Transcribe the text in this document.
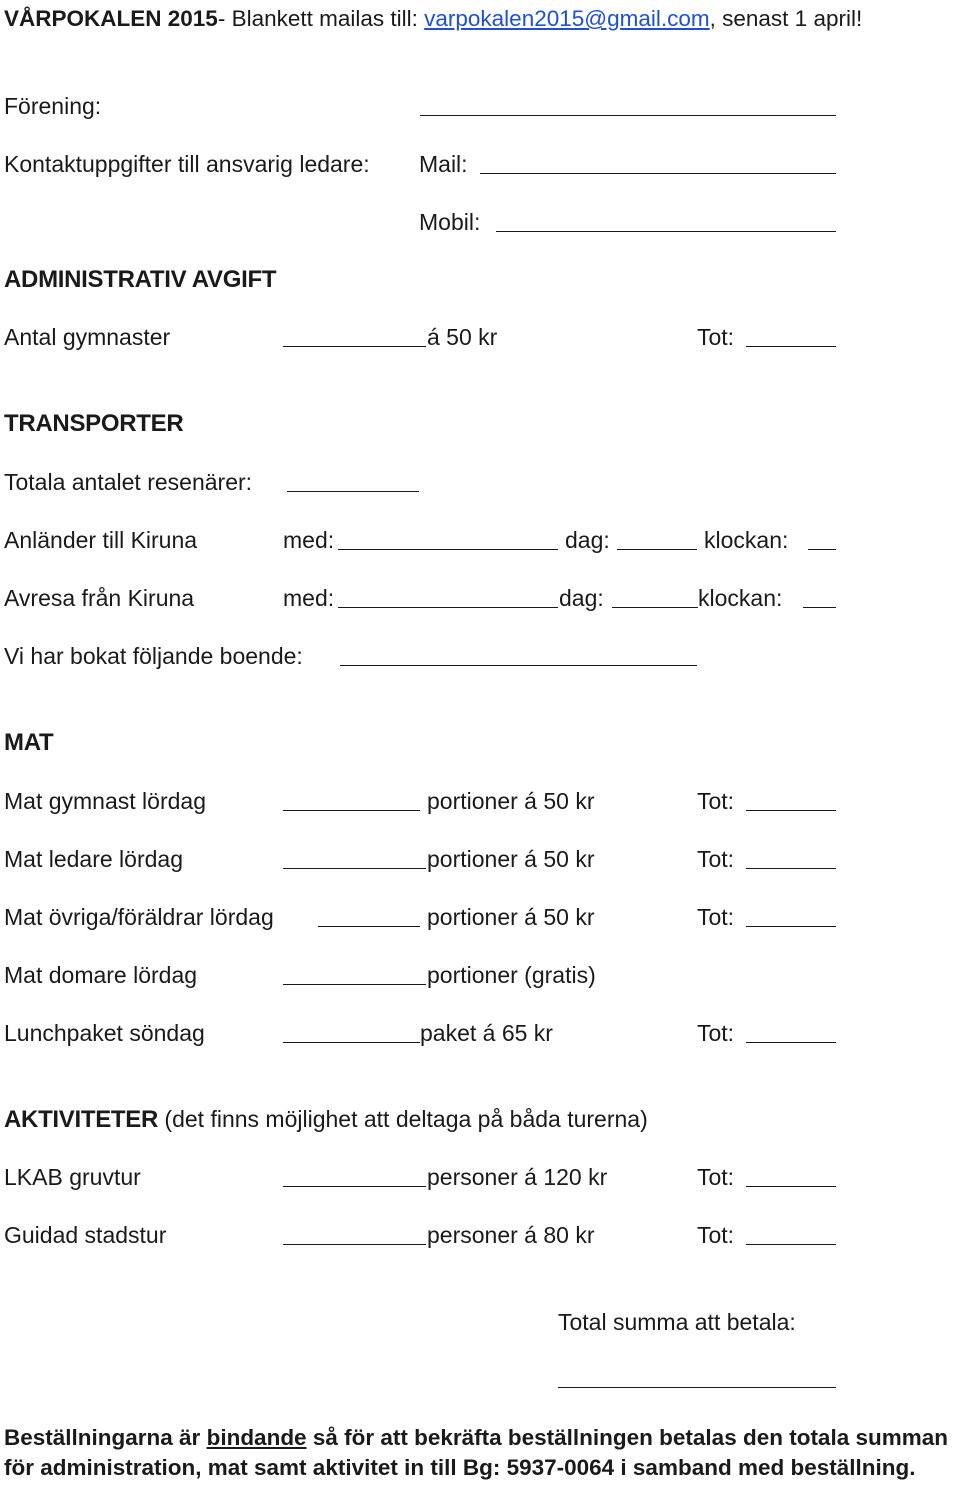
VÅRPOKALEN 2015- Blankett mailas till: varpokalen2015@gmail.com, senast 1 april!
Förening:
Kontaktuppgifter till ansvarig ledare: Mail:
Mobil:
ADMINISTRATIV AVGIFT
Antal gymnaster	á 50 kr	Tot:
TRANSPORTER
Totala antalet resenärer:
Anländer till Kiruna	med:	dag:	klockan:
Avresa från Kiruna	med:	dag:	klockan:
Vi har bokat följande boende:
MAT
Mat gymnast lördag	portioner á 50 kr	Tot:
Mat ledare lördag	portioner á 50 kr	Tot:
Mat övriga/föräldrar lördag	portioner á 50 kr	Tot:
Mat domare lördag	portioner (gratis)
Lunchpaket söndag	paket á 65 kr	Tot:
AKTIVITETER (det finns möjlighet att deltaga på båda turerna)
LKAB gruvtur	personer á 120 kr	Tot:
Guidad stadstur	personer á 80 kr	Tot:
Total summa att betala:
Beställningarna är bindande så för att bekräfta beställningen betalas den totala summan för administration, mat samt aktivitet in till Bg: 5937-0064 i samband med beställning.
